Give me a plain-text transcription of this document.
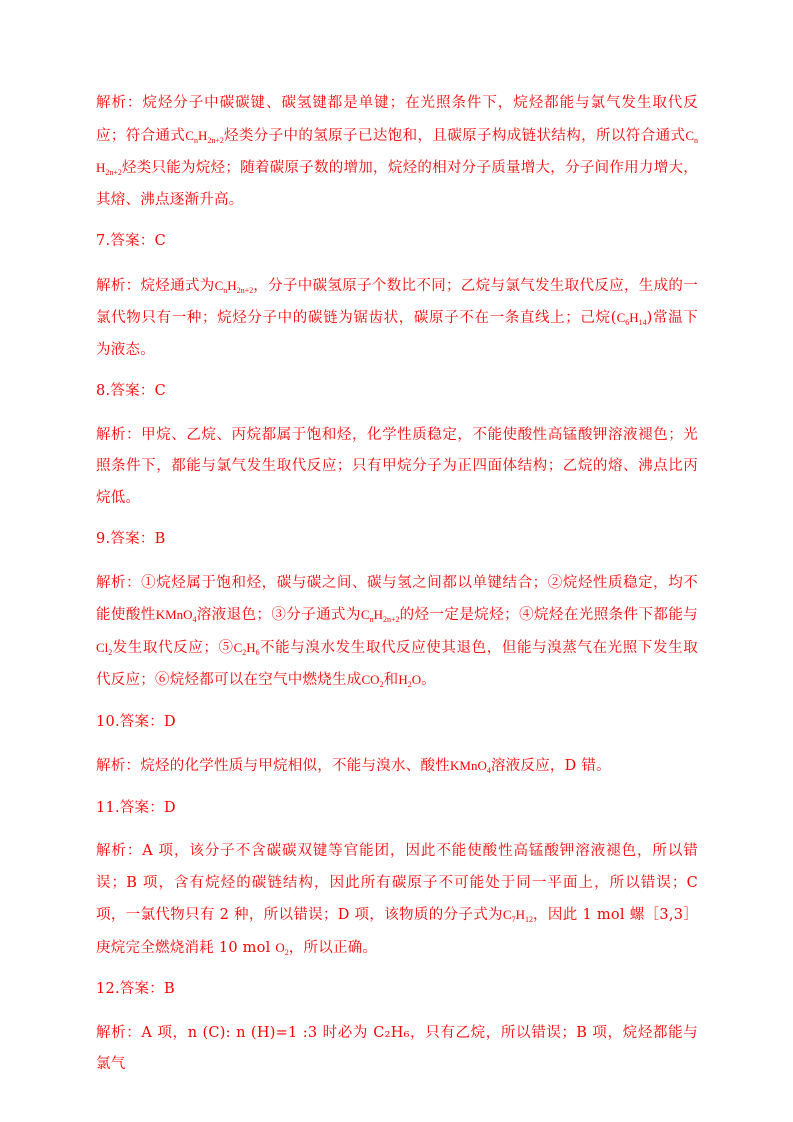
解析：烷烃分子中碳碳键、碳氢键都是单键；在光照条件下，烷烃都能与氯气发生取代反应；符合通式$C_nH_{2n+2}$烃类分子中的氢原子已达饱和，且碳原子构成链状结构，所以符合通式$C_nH_{2n+2}$烃类只能为烷烃；随着碳原子数的增加，烷烃的相对分子质量增大，分子间作用力增大，其熔、沸点逐渐升高。

7.答案：C

解析：烷烃通式为$C_nH_{2n+2}$，分子中碳氢原子个数比不同；乙烷与氯气发生取代反应，生成的一氯代物只有一种；烷烃分子中的碳链为锯齿状，碳原子不在一条直线上；己烷$(C_6H_{14})$常温下为液态。

8.答案：C

解析：甲烷、乙烷、丙烷都属于饱和烃，化学性质稳定，不能使酸性高锰酸钾溶液褪色；光照条件下，都能与氯气发生取代反应；只有甲烷分子为正四面体结构；乙烷的熔、沸点比丙烷低。

9.答案：B

解析：①烷烃属于饱和烃，碳与碳之间、碳与氢之间都以单键结合；②烷烃性质稳定，均不能使酸性KMnO$_4$溶液退色；③分子通式为$C_nH_{2n+2}$的烃一定是烷烃；④烷烃在光照条件下都能与$Cl_2$发生取代反应；$⑤C_2H_6$不能与溴水发生取代反应使其退色，但能与溴蒸气在光照下发生取代反应；⑥烷烃都可以在空气中燃烧生成$CO_2$和$H_2O$。

10.答案：D

解析：烷烃的化学性质与甲烷相似，不能与溴水、酸性KMnO$_4$溶液反应，D 错。

11.答案：D

解析：A 项，该分子不含碳碳双键等官能团，因此不能使酸性高锰酸钾溶液褪色，所以错误；B 项，含有烷烃的碳链结构，因此所有碳原子不可能处于同一平面上，所以错误；C 项，一氯代物只有 2 种，所以错误；D 项，该物质的分子式为$C_7H_{12}$，因此 1 mol 螺［3,3］庚烷完全燃烧消耗 10 mol $O_2$，所以正确。

12.答案：B

解析：A 项，n (C): n (H)=1 :3 时必为 C₂H₆，只有乙烷，所以错误；B 项，烷烃都能与氯气
